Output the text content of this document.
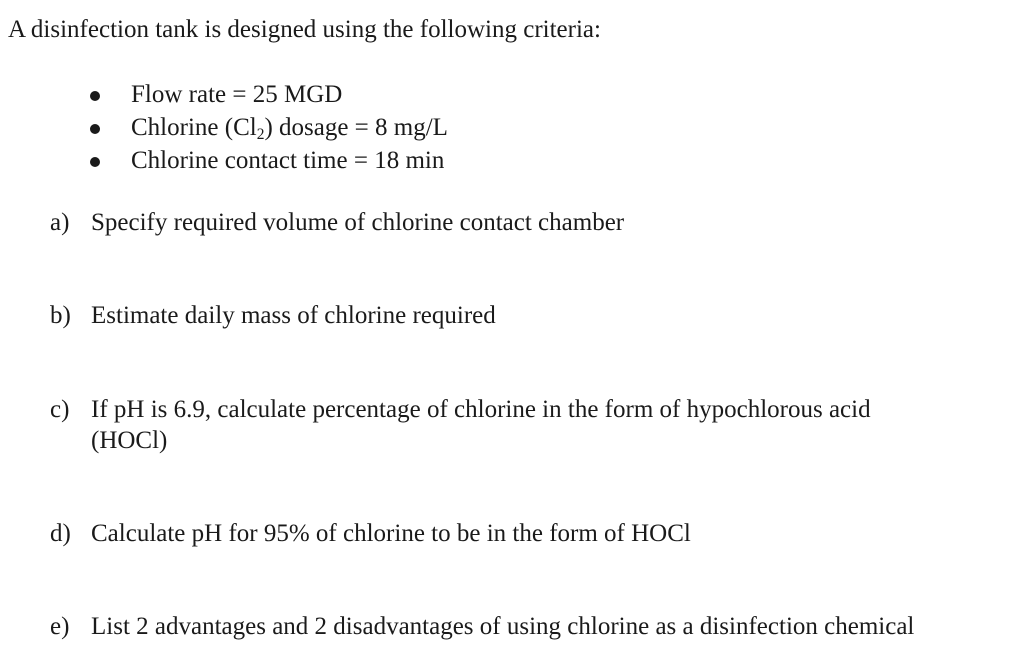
A disinfection tank is designed using the following criteria:
Flow rate = 25 MGD
Chlorine $(Cl_2)$ dosage = 8 mg/L
Chlorine contact time = 18 min
a) Specify required volume of chlorine contact chamber
b) Estimate daily mass of chlorine required
c) If pH is 6.9, calculate percentage of chlorine in the form of hypochlorous acid
(HOCl)
d) Calculate pH for 95% of chlorine to be in the form of HOCl
e) List 2 advantages and 2 disadvantages of using chlorine as a disinfection chemical
